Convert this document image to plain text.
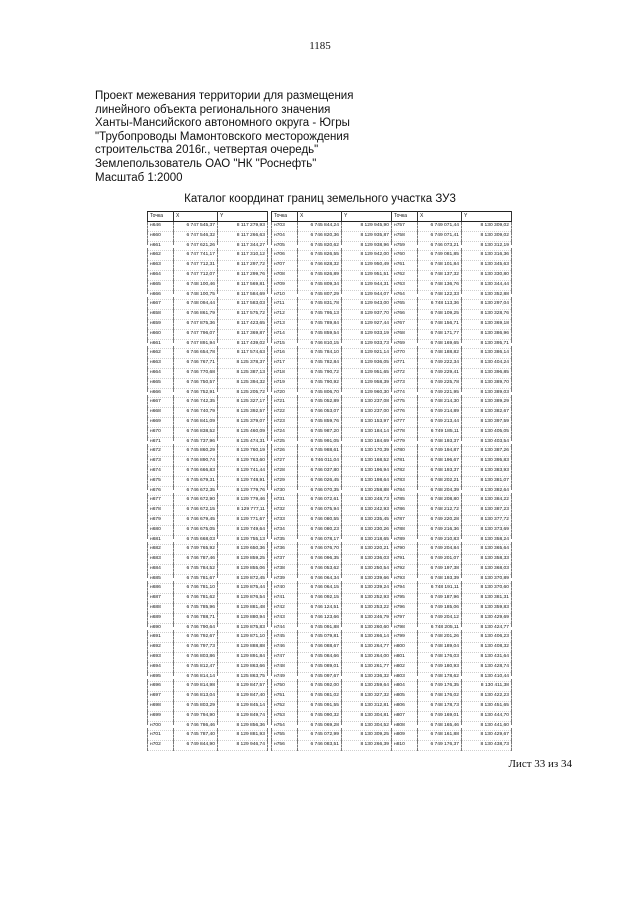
1185
Проект межевания территории для размещения
линейного объекта регионального значения
Ханты-Мансийского автономного округа - Югры
"Трубопроводы Мамонтовского месторождения
строительства 2016г., четвертая очередь"
Землепользователь ОАО "НК "Роснефть"
Масштаб 1:2000
Каталог координат границ земельного участка ЗУ3
Точка	X	Y
н646	6 747 545,37	8 117 279,93
н660	6 747 546,32	8 117 266,63
н661	6 747 621,26	8 117 344,27
н662	6 747 741,17	8 117 310,12
н663	6 747 712,31	8 117 297,72
н664	6 747 712,07	8 117 299,76
н665	6 748 100,46	8 117 569,81
н666	6 748 100,75	8 117 584,69
н667	6 748 094,44	8 117 583,03
н658	6 746 861,79	8 117 575,72
н659	6 747 875,36	8 117 423,65
н660	6 747 796,07	8 117 369,87
н661	6 747 891,94	8 117 439,02
н662	6 746 654,78	8 117 574,63
н663	6 746 767,71	8 125 378,37
н664	6 746 770,68	8 125 387,13
н665	6 746 750,57	8 125 394,32
н666	6 746 752,91	8 125 205,72
н667	6 746 742,35	8 125 327,17
н668	6 746 740,79	8 125 392,57
н669	6 746 841,09	8 125 379,07
н670	6 746 838,52	8 125 460,09
н671	6 745 737,96	8 125 474,31
н672	6 745 860,29	8 129 760,19
н673	6 746 890,74	8 129 763,60
н674	6 746 666,83	8 129 741,44
н675	6 745 679,31	8 129 748,91
н676	6 746 672,35	8 129 779,76
н677	6 746 672,90	8 129 779,46
н678	6 746 672,15	8 129 777,11
н679	6 746 679,45	8 129 771,67
н680	6 746 675,05	8 129 749,64
н681	6 745 668,03	8 129 755,13
н682	6 749 765,92	8 129 650,36
н683	6 746 787,46	8 129 859,25
н684	6 745 784,52	8 129 855,06
н685	6 745 781,67	8 129 872,45
н686	6 746 781,10	8 129 875,44
н687	6 746 781,62	8 129 876,54
н688	6 745 785,96	8 129 881,48
н689	6 746 788,71	8 129 880,94
н690	6 746 790,64	8 129 875,83
н691	6 746 792,67	8 129 871,10
н692	6 746 797,73	8 129 888,88
н693	6 746 803,86	8 129 891,84
н694	6 745 812,47	8 129 863,66
н695	6 746 814,14	8 125 863,75
н696	6 749 814,98	8 129 847,57
н697	6 746 813,04	8 129 847,40
н698	6 745 803,29	8 129 845,14
н699	6 749 794,90	8 129 849,74
н700	6 746 786,46	8 129 856,36
н701	6 745 787,40	8 129 881,93
н702	6 749 844,90	8 129 946,74
Точка	X	Y
н703	6 745 844,24	8 129 945,90
н704	6 746 820,36	8 129 935,87
н705	6 745 820,62	8 129 938,96
н706	6 745 826,55	8 129 942,00
н707	6 746 828,32	8 129 950,49
н708	6 745 826,89	8 129 951,51
н709	6 745 809,34	8 129 944,31
н710	6 745 807,29	8 129 944,07
н711	6 745 831,78	8 129 943,00
н712	6 745 795,13	8 129 937,70
н713	6 745 789,84	8 129 927,44
н714	6 745 859,54	8 129 933,19
н715	6 746 810,15	8 129 933,73
н716	6 745 784,10	8 129 921,14
н717	6 745 782,84	8 129 936,05
н718	6 745 790,72	8 129 951,65
н719	6 745 790,92	8 129 958,39
н720	6 745 806,70	8 129 960,30
н721	6 745 052,89	8 130 237,08
н722	6 746 053,07	8 130 237,00
н723	6 745 859,76	8 130 153,97
н724	6 745 987,20	8 130 184,14
н725	6 745 991,05	8 130 184,69
н726	6 745 988,61	8 130 170,39
н727	6 746 011,04	8 130 168,52
н728	6 746 037,80	8 130 196,94
н729	6 746 026,45	8 130 198,64
н730	6 746 070,35	8 130 258,88
н731	6 746 072,61	8 130 248,73
н732	6 746 075,94	8 130 242,93
н733	6 746 080,55	8 130 235,45
н734	6 746 080,23	8 130 230,26
н735	6 746 078,17	8 130 218,65
н736	6 746 076,70	8 130 220,21
н737	6 746 096,35	8 130 236,03
н738	6 746 053,62	8 130 250,54
н739	6 746 064,34	8 130 239,66
н740	6 746 064,15	8 130 239,24
н741	6 746 092,15	8 130 252,93
н742	6 746 124,51	8 130 253,22
н743	6 746 123,66	8 130 246,79
н744	6 745 091,88	8 130 260,60
н745	6 745 079,81	8 130 266,14
н746	6 746 088,67	8 130 264,77
н747	6 745 084,66	8 130 264,00
н748	6 745 089,01	8 130 261,77
н749	6 745 097,67	8 130 236,32
н750	6 745 092,00	8 130 259,64
н751	6 745 081,02	8 130 327,32
н752	6 745 091,55	8 130 312,81
н753	6 745 090,32	8 130 304,81
н754	6 745 069,28	8 130 304,52
н755	6 745 072,99	8 130 309,25
н756	6 746 083,51	8 130 266,39
Точка	X	Y
н757	6 749 071,44	8 130 309,02
н758	6 749 071,41	8 130 309,02
н759	6 746 073,21	8 130 312,19
н760	6 749 081,85	8 130 316,36
н761	6 748 101,84	8 130 345,63
н762	6 748 137,32	8 130 330,80
н763	6 748 136,76	8 130 344,44
н764	6 748 122,33	8 130 352,88
н765	6 748 113,36	8 130 297,04
н766	6 748 109,25	8 130 328,76
н767	6 748 156,71	8 130 369,18
н768	6 748 171,77	8 130 386,96
н769	6 748 169,65	8 130 395,71
н770	6 748 188,82	8 130 386,14
н771	6 749 222,34	8 130 404,24
н772	6 749 229,41	8 130 396,85
н773	6 749 225,78	8 130 389,70
н774	6 749 221,95	8 130 389,03
н775	6 748 214,30	8 130 389,29
н776	6 749 214,89	8 130 382,67
н777	6 749 213,44	8 130 397,59
н778	6 749 185,11	8 130 405,05
н779	6 748 193,37	8 130 403,54
н780	6 749 194,87	8 130 387,26
н781	6 748 196,67	8 130 395,83
н782	6 748 193,37	8 130 383,93
н783	6 748 202,21	8 130 381,07
н784	6 748 204,39	8 130 382,64
н785	6 748 208,80	8 130 384,22
н786	6 748 212,72	8 130 387,23
н787	6 749 220,28	8 130 377,72
н788	6 749 216,36	8 130 373,69
н789	6 749 210,83	8 130 358,24
н790	6 749 204,84	8 130 365,64
н791	6 749 201,07	8 130 358,33
н792	6 749 197,38	8 130 368,03
н793	6 748 193,39	8 130 370,89
н794	6 748 191,11	8 130 370,60
н795	6 749 187,96	8 130 381,31
н796	6 749 185,06	8 130 359,83
н797	6 749 204,12	8 130 429,69
н798	6 748 205,11	8 130 424,77
н799	6 748 201,26	8 130 406,23
н800	6 748 189,04	8 130 408,32
н801	6 748 176,03	8 130 431,64
н802	6 749 180,93	8 130 428,74
н803	6 748 178,62	8 130 410,44
н804	6 749 176,35	8 130 411,38
н805	6 748 176,02	8 130 422,23
н806	6 748 178,73	8 130 451,65
н807	6 749 169,01	8 130 444,70
н808	6 748 165,46	8 130 441,60
н809	6 748 161,88	8 130 429,67
н810	6 749 176,37	8 130 438,73
Лист 33 из 34
